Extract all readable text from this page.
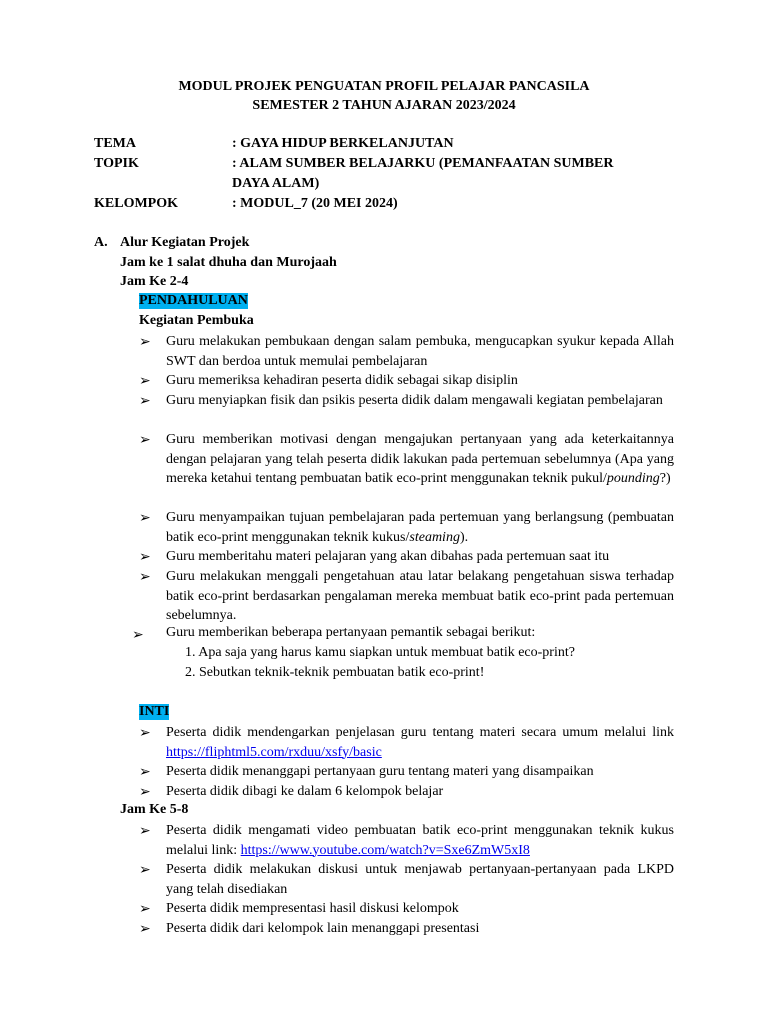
MODUL PROJEK PENGUATAN PROFIL PELAJAR PANCASILA
SEMESTER 2 TAHUN AJARAN 2023/2024
TEMA	: GAYA HIDUP BERKELANJUTAN
TOPIK	: ALAM SUMBER BELAJARKU (PEMANFAATAN SUMBER
DAYA ALAM)
KELOMPOK	: MODUL_7 (20 MEI 2024)
A. Alur Kegiatan Projek
Jam ke 1 salat dhuha dan Murojaah
Jam Ke 2-4
PENDAHULUAN
Kegiatan Pembuka
➢ Guru melakukan pembukaan dengan salam pembuka, mengucapkan syukur kepada Allah SWT dan berdoa untuk memulai pembelajaran
➢ Guru memeriksa kehadiran peserta didik sebagai sikap disiplin
➢ Guru menyiapkan fisik dan psikis peserta didik dalam mengawali kegiatan pembelajaran
➢ Guru memberikan motivasi dengan mengajukan pertanyaan yang ada keterkaitannya dengan pelajaran yang telah peserta didik lakukan pada pertemuan sebelumnya (Apa yang mereka ketahui tentang pembuatan batik eco-print menggunakan teknik pukul/pounding?)
➢ Guru menyampaikan tujuan pembelajaran pada pertemuan yang berlangsung (pembuatan batik eco-print menggunakan teknik kukus/steaming).
➢ Guru memberitahu materi pelajaran yang akan dibahas pada pertemuan saat itu
➢ Guru melakukan menggali pengetahuan atau latar belakang pengetahuan siswa terhadap batik eco-print berdasarkan pengalaman mereka membuat batik eco-print pada pertemuan sebelumnya.
➢ Guru memberikan beberapa pertanyaan pemantik sebagai berikut:
1. Apa saja yang harus kamu siapkan untuk membuat batik eco-print?
2. Sebutkan teknik-teknik pembuatan batik eco-print!
INTI
➢ Peserta didik mendengarkan penjelasan guru tentang materi secara umum melalui link https://fliphtml5.com/rxduu/xsfy/basic
➢ Peserta didik menanggapi pertanyaan guru tentang materi yang disampaikan
➢ Peserta didik dibagi ke dalam 6 kelompok belajar
Jam Ke 5-8
➢ Peserta didik mengamati video pembuatan batik eco-print menggunakan teknik kukus melalui link: https://www.youtube.com/watch?v=Sxe6ZmW5xI8
➢ Peserta didik melakukan diskusi untuk menjawab pertanyaan-pertanyaan pada LKPD yang telah disediakan
➢ Peserta didik mempresentasi hasil diskusi kelompok
➢ Peserta didik dari kelompok lain menanggapi presentasi
